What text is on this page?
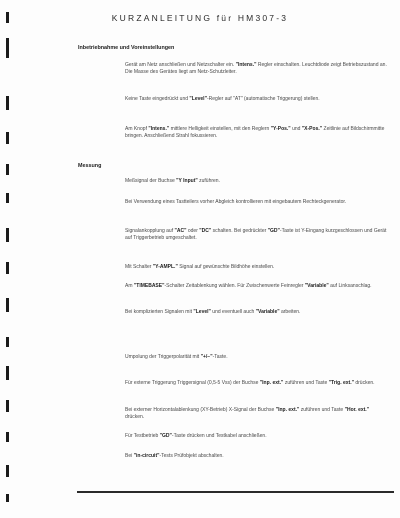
KURZANLEITUNG für HM307-3
Inbetriebnahme und Voreinstellungen
Messung
Gerät am Netz anschließen und Netzschalter ein. "Intens." Regler einschalten. Leuchtdiode zeigt Betriebszustand an. Die Masse des Gerätes liegt am Netz-Schutzleiter.
Keine Taste eingedrückt und "Level"-Regler auf "AT" (automatische Triggerung) stellen.
Am Knopf "Intens." mittlere Helligkeit einstellen, mit den Reglern "Y-Pos." und "X-Pos." Zeitlinie auf Bildschirmmitte bringen. Anschließend Strahl fokussieren.
Meßsignal der Buchse "Y Input" zuführen.
Bei Verwendung eines Tastteilers vorher Abgleich kontrollieren mit eingebautem Rechteckgenerator.
Signalankopplung auf "AC" oder "DC" schalten. Bei gedrückter "GD"-Taste ist Y-Eingang kurzgeschlossen und Gerät auf Triggerbetrieb umgeschaltet.
Mit Schalter "Y-AMPL." Signal auf gewünschte Bildhöhe einstellen.
Am "TIMEBASE"-Schalter Zeitablenkung wählen. Für Zwischenwerte Feinregler "Variable" auf Linksanschlag.
Bei komplizierten Signalen mit "Level" und eventuell auch "Variable" arbeiten.
Umpolung der Triggerpolarität mit "+/−"-Taste.
Für externe Triggerung Triggersignal (0,5-5 Vss) der Buchse "Inp. ext." zuführen und Taste "Trig. ext." drücken.
Bei externer Horizontalablenkung (XY-Betrieb) X-Signal der Buchse "Inp. ext." zuführen und Taste "Hor. ext." drücken.
Für Testbetrieb "GD"-Taste drücken und Testkabel anschließen.
Bei "in-circuit"-Tests Prüfobjekt abschalten.
